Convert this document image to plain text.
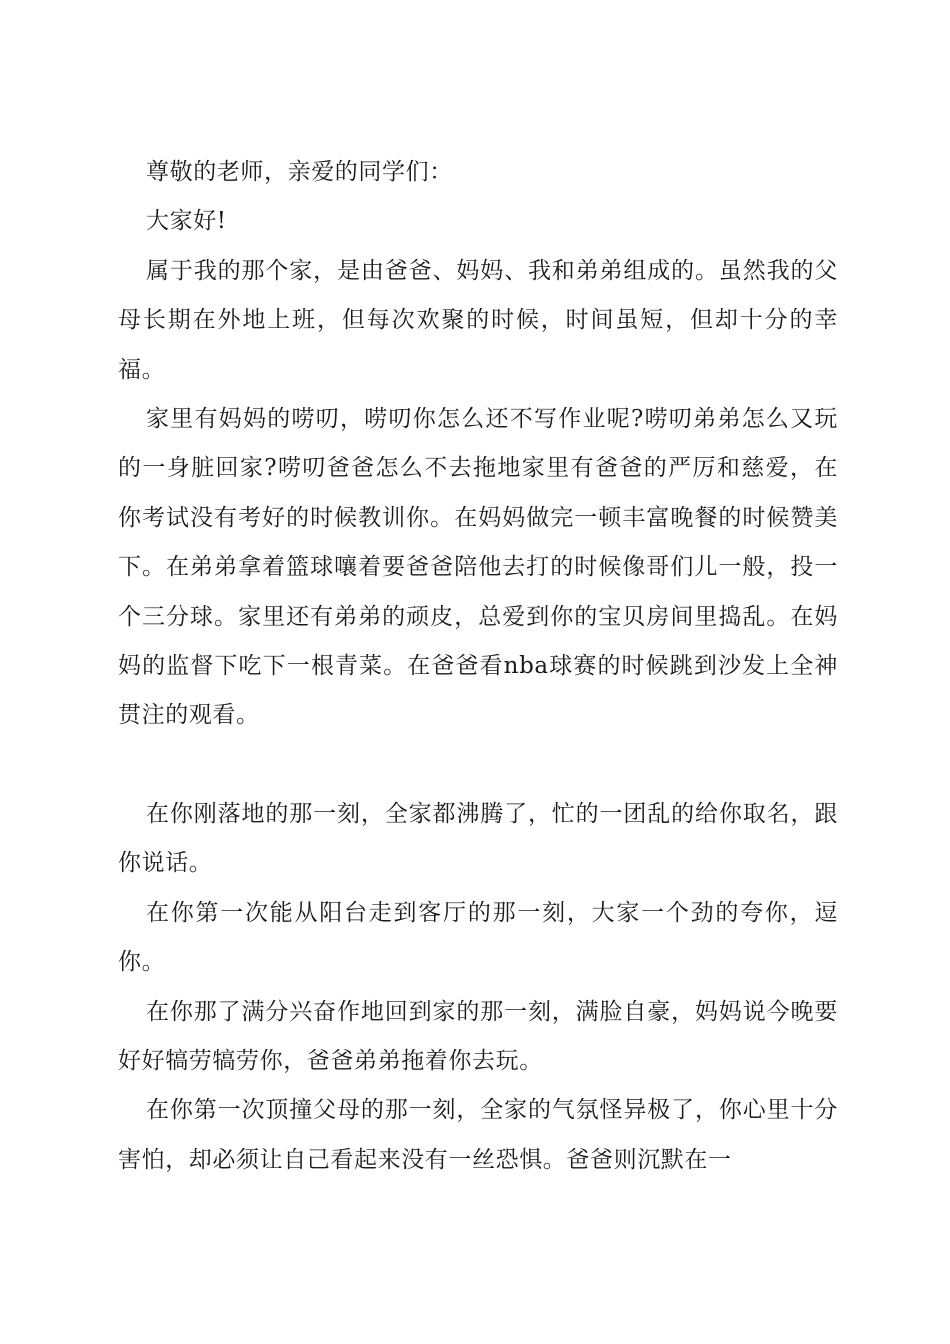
尊敬的老师，亲爱的同学们：

大家好!

属于我的那个家，是由爸爸、妈妈、我和弟弟组成的。虽然我的父母长期在外地上班，但每次欢聚的时候，时间虽短，但却十分的幸福。

家里有妈妈的唠叨，唠叨你怎么还不写作业呢?唠叨弟弟怎么又玩的一身脏回家?唠叨爸爸怎么不去拖地家里有爸爸的严厉和慈爱，在你考试没有考好的时候教训你。在妈妈做完一顿丰富晚餐的时候赞美下。在弟弟拿着篮球嚷着要爸爸陪他去打的时候像哥们儿一般，投一个三分球。家里还有弟弟的顽皮，总爱到你的宝贝房间里捣乱。在妈妈的监督下吃下一根青菜。在爸爸看nba球赛的时候跳到沙发上全神贯注的观看。

在你刚落地的那一刻，全家都沸腾了，忙的一团乱的给你取名，跟你说话。

在你第一次能从阳台走到客厅的那一刻，大家一个劲的夸你，逗你。

在你那了满分兴奋作地回到家的那一刻，满脸自豪，妈妈说今晚要好好犒劳犒劳你，爸爸弟弟拖着你去玩。

在你第一次顶撞父母的那一刻，全家的气氛怪异极了，你心里十分害怕，却必须让自己看起来没有一丝恐惧。爸爸则沉默在一
